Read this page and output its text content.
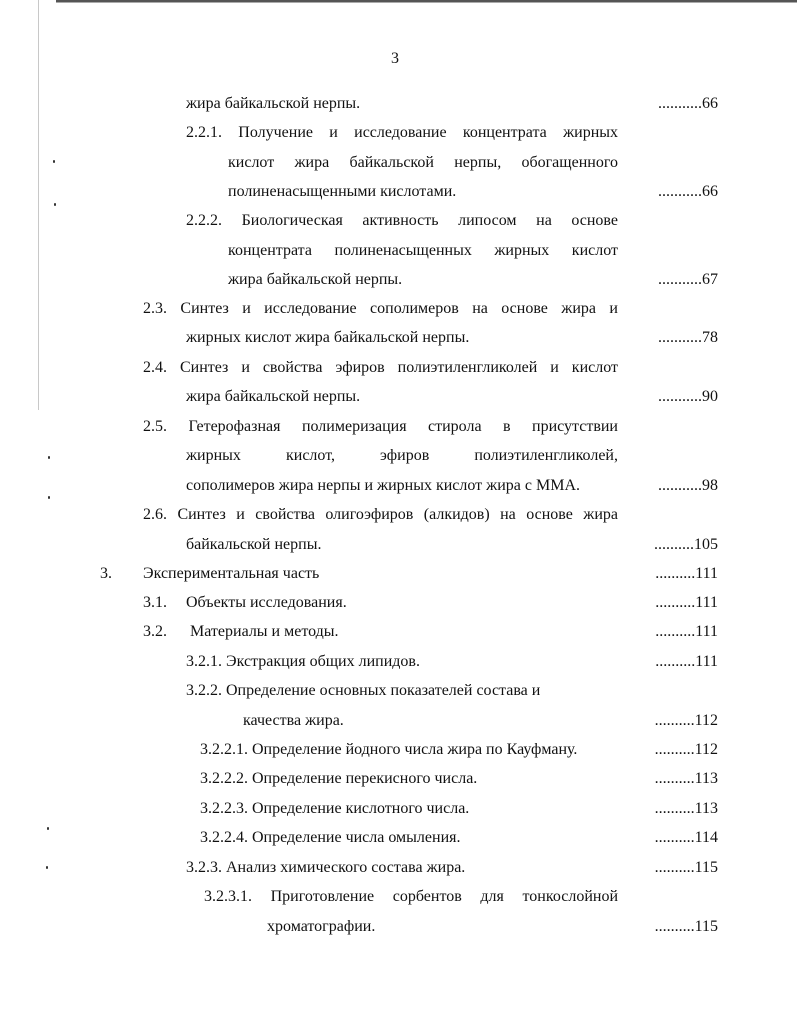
3
жира байкальской нерпы.	...........66
2.2.1. Получение и исследование концентрата жирных
кислот жира байкальской нерпы, обогащенного
полиненасыщенными кислотами.	...........66
2.2.2. Биологическая активность липосом на основе
концентрата полиненасыщенных жирных кислот
жира байкальской нерпы.	...........67
2.3. Синтез и исследование сополимеров на основе жира и
жирных кислот жира байкальской нерпы.	...........78
2.4. Синтез и свойства эфиров полиэтиленгликолей и кислот
жира байкальской нерпы.	...........90
2.5. Гетерофазная полимеризация стирола в присутствии
жирных кислот, эфиров полиэтиленгликолей,
сополимеров жира нерпы и жирных кислот жира с ММА.	...........98
2.6. Синтез и свойства олигоэфиров (алкидов) на основе жира
байкальской нерпы.	..........105
3. Экспериментальная часть	..........111
3.1. Объекты исследования.	..........111
3.2. Материалы и методы.	..........111
3.2.1. Экстракция общих липидов.	..........111
3.2.2. Определение основных показателей состава и
качества жира.	..........112
3.2.2.1. Определение йодного числа жира по Кауфману.	..........112
3.2.2.2. Определение перекисного числа.	..........113
3.2.2.3. Определение кислотного числа.	..........113
3.2.2.4. Определение числа омыления.	..........114
3.2.3. Анализ химического состава жира.	..........115
3.2.3.1. Приготовление сорбентов для тонкослойной
хроматографии.	..........115
